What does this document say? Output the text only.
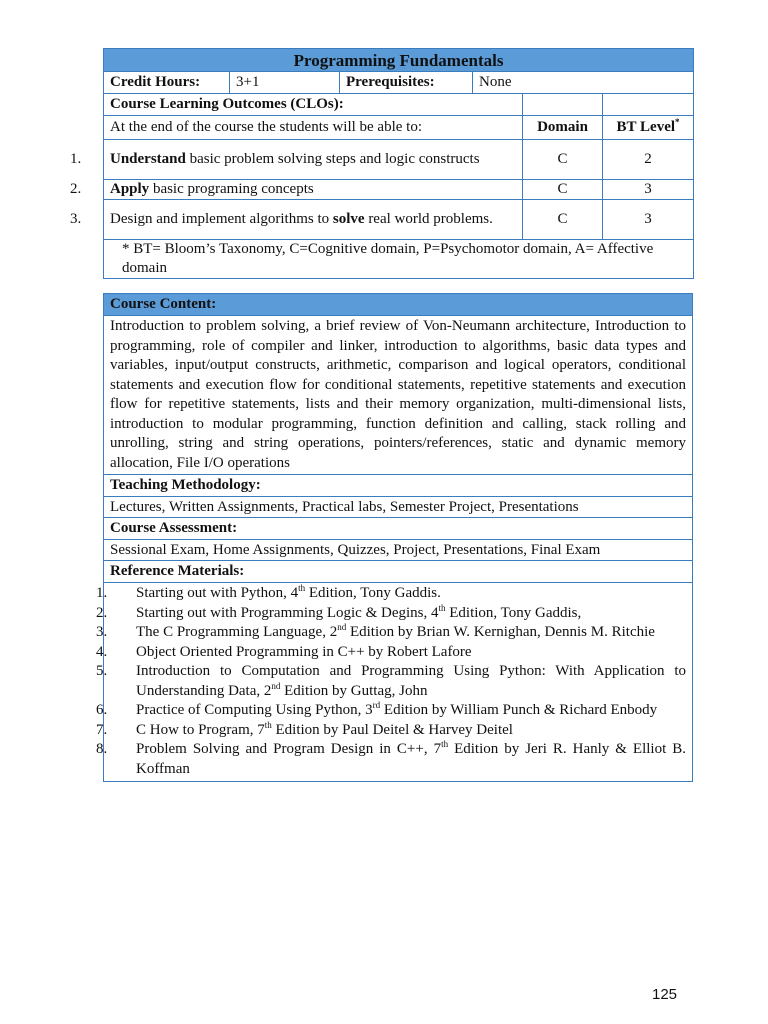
Programming Fundamentals					
Credit Hours:	3+1	Prerequisites:	None		
Course Learning Outcomes (CLOs):					
At the end of the course the students will be able to:				Domain	BT Level*
1. Understand basic problem solving steps and logic constructs				C	2
2. Apply basic programing concepts				C	3
3. Design and implement algorithms to solve real world problems.				C	3
* BT= Bloom’s Taxonomy, C=Cognitive domain, P=Psychomotor domain, A= Affective domain					
Course Content:
Introduction to problem solving, a brief review of Von-Neumann architecture, Introduction to programming, role of compiler and linker, introduction to algorithms, basic data types and variables, input/output constructs, arithmetic, comparison and logical operators, conditional statements and execution flow for conditional statements, repetitive statements and execution flow for repetitive statements, lists and their memory organization, multi-dimensional lists, introduction to modular programming, function definition and calling, stack rolling and unrolling, string and string operations, pointers/references, static and dynamic memory allocation, File I/O operations
Teaching Methodology:
Lectures, Written Assignments, Practical labs, Semester Project, Presentations
Course Assessment:
Sessional Exam, Home Assignments, Quizzes, Project, Presentations, Final Exam
Reference Materials:

1. Starting out with Python, 4th Edition, Tony Gaddis.
2. Starting out with Programming Logic & Degins, 4th Edition, Tony Gaddis,
3. The C Programming Language, 2nd Edition by Brian W. Kernighan, Dennis M. Ritchie
4. Object Oriented Programming in C++ by Robert Lafore
5. Introduction to Computation and Programming Using Python: With Application to Understanding Data, 2nd Edition by Guttag, John
6. Practice of Computing Using Python, 3rd Edition by William Punch & Richard Enbody
7. C How to Program, 7th Edition by Paul Deitel & Harvey Deitel
8. Problem Solving and Program Design in C++, 7th Edition by Jeri R. Hanly & Elliot B. Koffman
125
